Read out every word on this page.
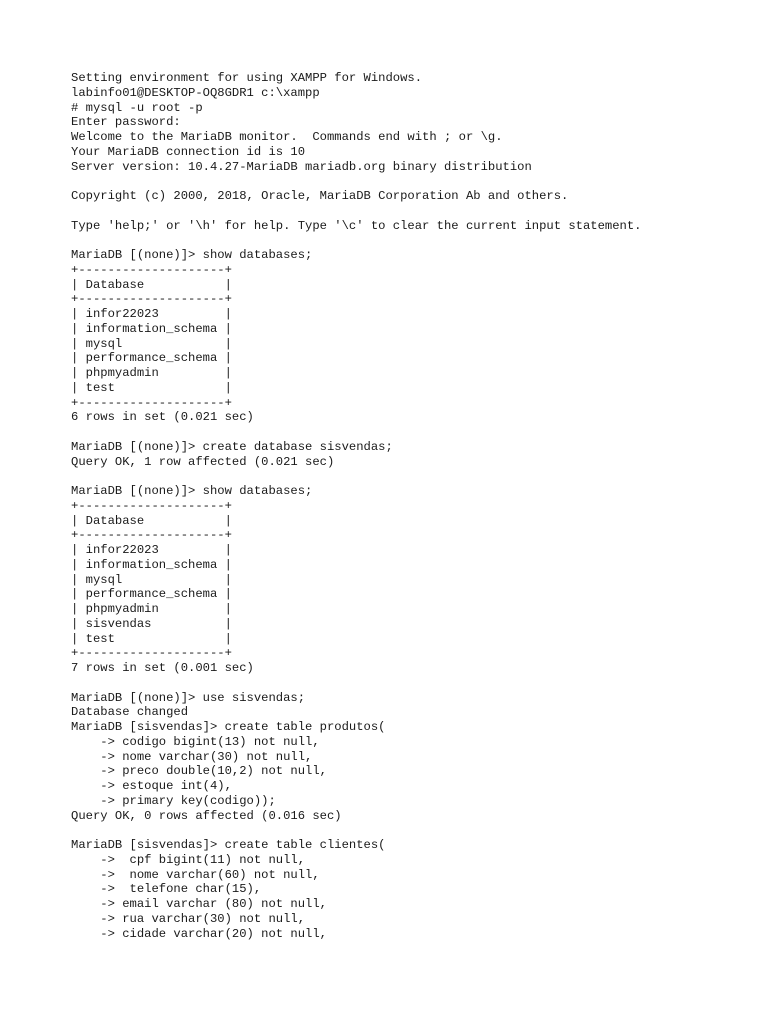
Setting environment for using XAMPP for Windows.
labinfo01@DESKTOP-OQ8GDR1 c:\xampp
# mysql -u root -p
Enter password:
Welcome to the MariaDB monitor.  Commands end with ; or \g.
Your MariaDB connection id is 10
Server version: 10.4.27-MariaDB mariadb.org binary distribution
Copyright (c) 2000, 2018, Oracle, MariaDB Corporation Ab and others.
Type 'help;' or '\h' for help. Type '\c' to clear the current input statement.
MariaDB [(none)]> show databases;
+--------------------+
| Database           |
+--------------------+
| infor22023         |
| information_schema |
| mysql              |
| performance_schema |
| phpmyadmin         |
| test               |
+--------------------+
6 rows in set (0.021 sec)
MariaDB [(none)]> create database sisvendas;
Query OK, 1 row affected (0.021 sec)
MariaDB [(none)]> show databases;
+--------------------+
| Database           |
+--------------------+
| infor22023         |
| information_schema |
| mysql              |
| performance_schema |
| phpmyadmin         |
| sisvendas          |
| test               |
+--------------------+
7 rows in set (0.001 sec)
MariaDB [(none)]> use sisvendas;
Database changed
MariaDB [sisvendas]> create table produtos(
-> codigo bigint(13) not null,
-> nome varchar(30) not null,
-> preco double(10,2) not null,
-> estoque int(4),
-> primary key(codigo));
Query OK, 0 rows affected (0.016 sec)
MariaDB [sisvendas]> create table clientes(
->  cpf bigint(11) not null,
->  nome varchar(60) not null,
->  telefone char(15),
-> email varchar (80) not null,
-> rua varchar(30) not null,
-> cidade varchar(20) not null,
